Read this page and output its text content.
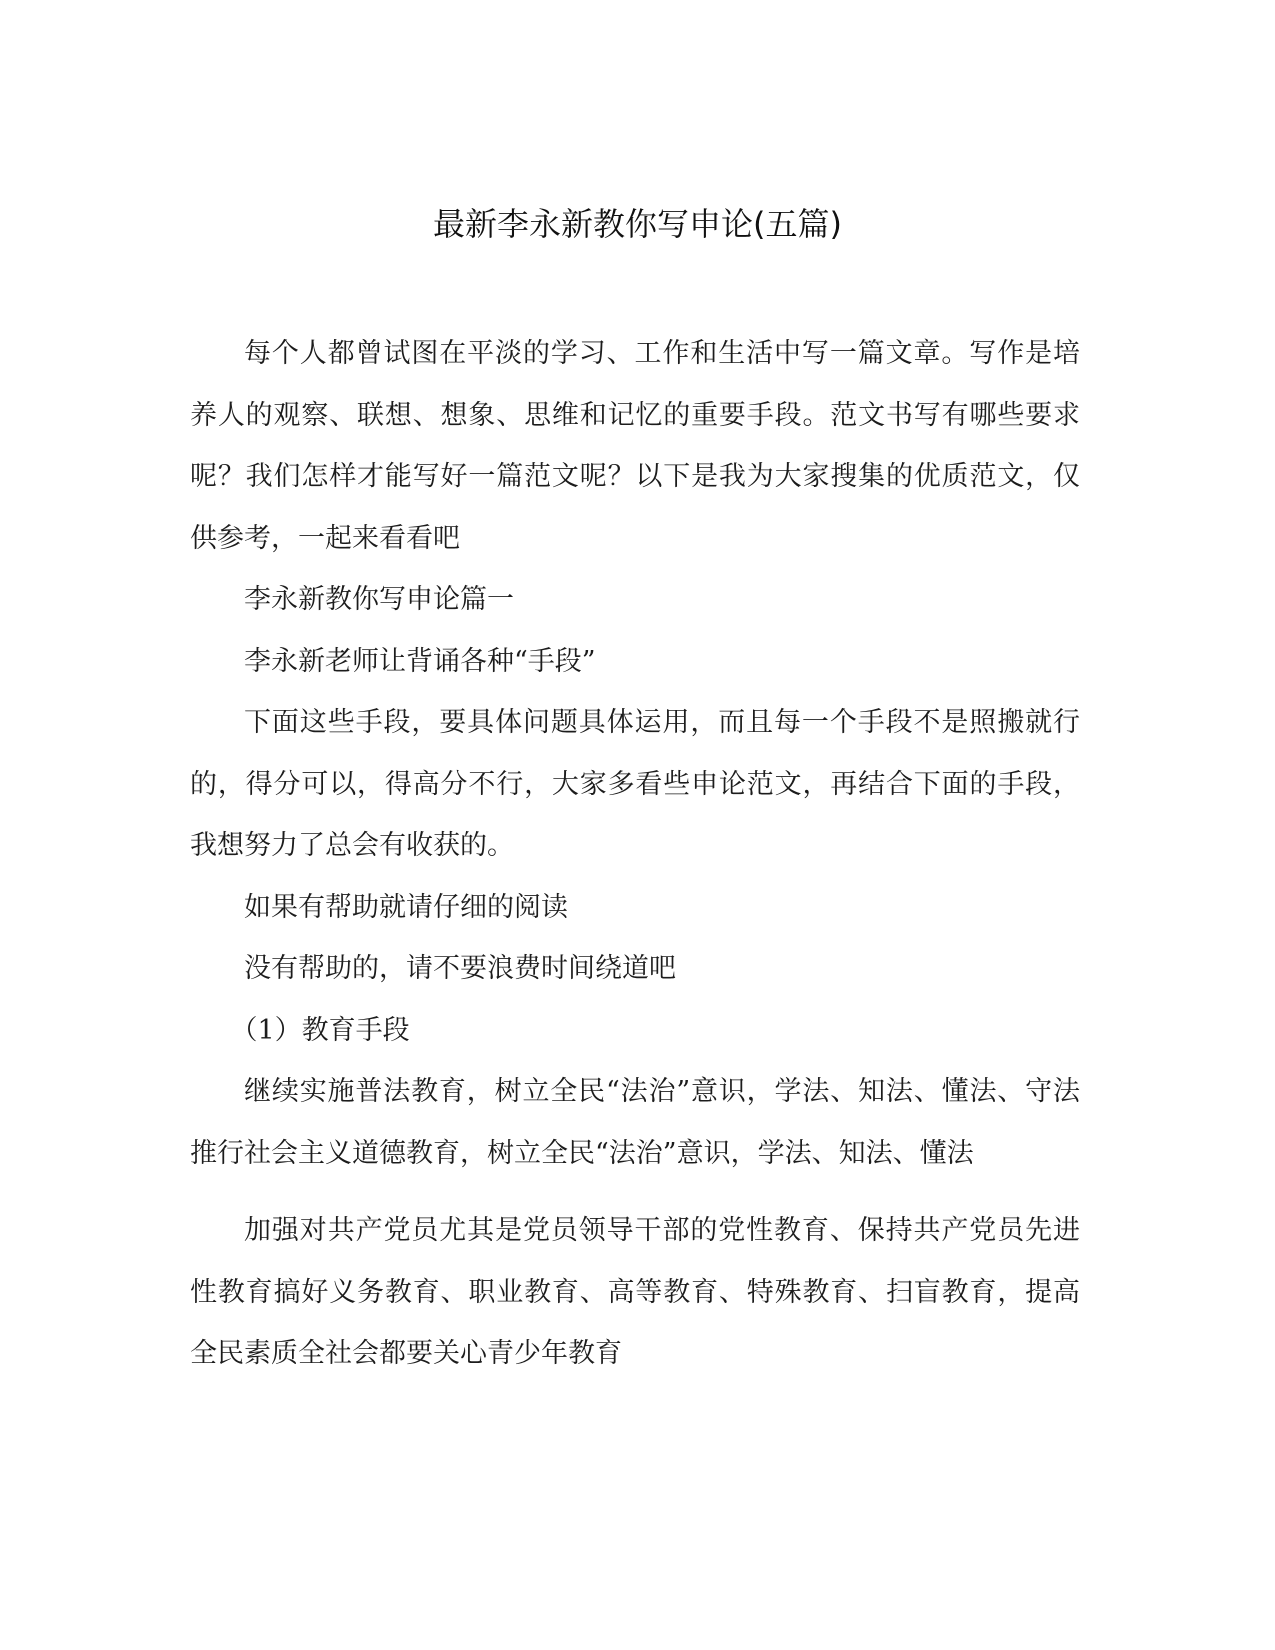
最新李永新教你写申论(五篇)

每个人都曾试图在平淡的学习、工作和生活中写一篇文章。写作是培养人的观察、联想、想象、思维和记忆的重要手段。范文书写有哪些要求呢？我们怎样才能写好一篇范文呢？以下是我为大家搜集的优质范文，仅供参考，一起来看看吧

李永新教你写申论篇一

李永新老师让背诵各种“手段”

下面这些手段，要具体问题具体运用，而且每一个手段不是照搬就行的，得分可以，得高分不行，大家多看些申论范文，再结合下面的手段，我想努力了总会有收获的。

如果有帮助就请仔细的阅读

没有帮助的，请不要浪费时间绕道吧

（1）教育手段

继续实施普法教育，树立全民“法治”意识，学法、知法、懂法、守法推行社会主义道德教育，树立全民“法治”意识，学法、知法、懂法

加强对共产党员尤其是党员领导干部的党性教育、保持共产党员先进性教育搞好义务教育、职业教育、高等教育、特殊教育、扫盲教育，提高全民素质全社会都要关心青少年教育
